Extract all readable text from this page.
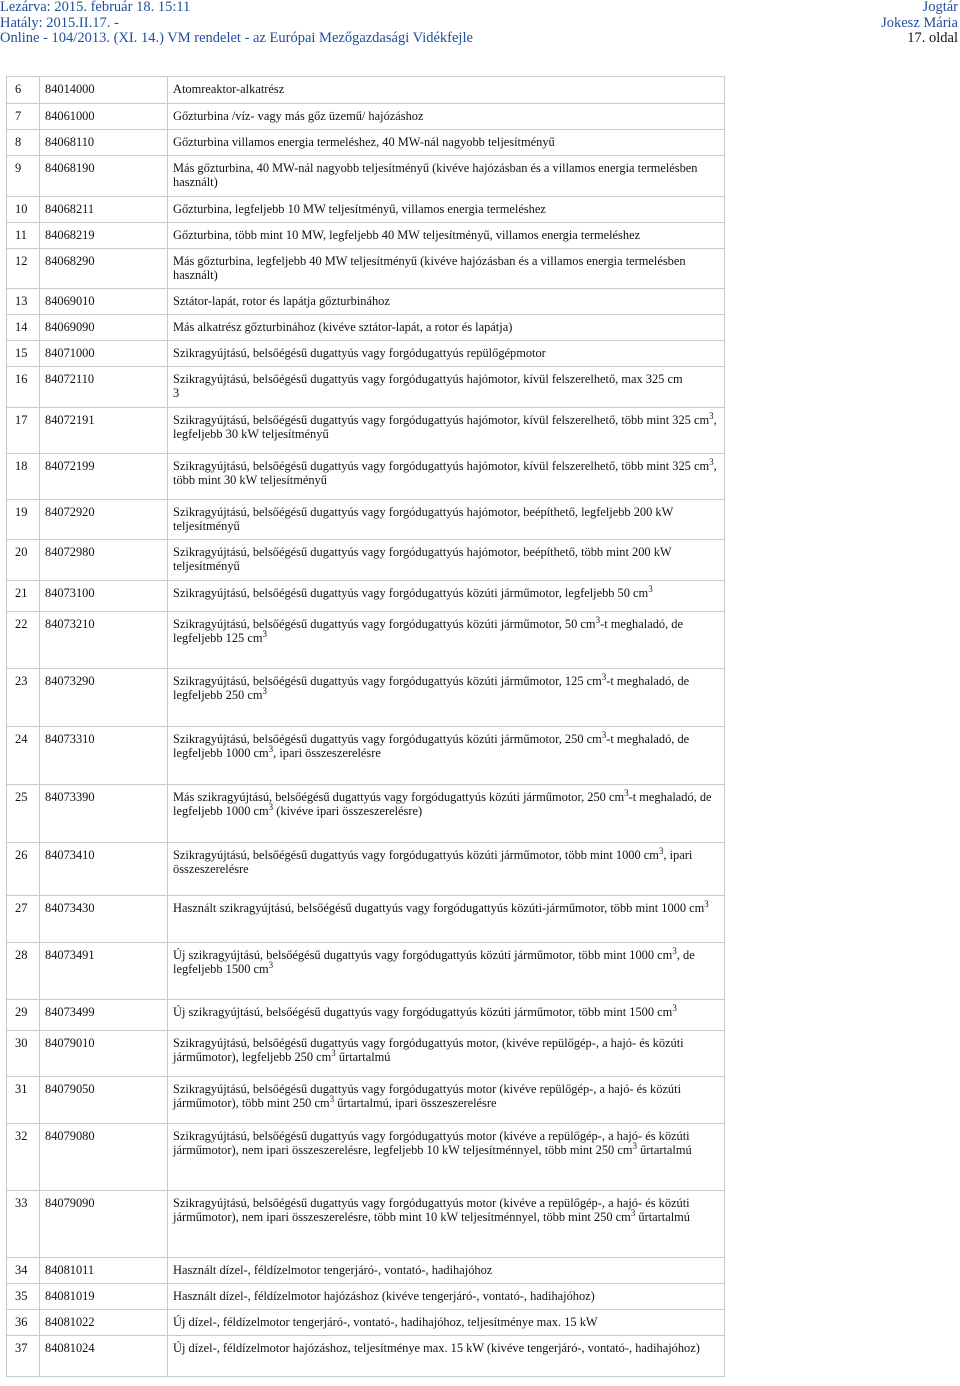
Lezárva: 2015. február 18. 15:11
Hatály: 2015.II.17. -
Online - 104/2013. (XI. 14.) VM rendelet - az Európai Mezőgazdasági Vidékfejle
Jogtár
Jokesz Mária
17. oldal
6	84014000	Atomreaktor-alkatrész
7	84061000	Gőzturbina /víz- vagy más gőz üzemű/ hajózáshoz
8	84068110	Gőzturbina villamos energia termeléshez, 40 MW-nál nagyobb teljesítményű
9	84068190	Más gőzturbina, 40 MW-nál nagyobb teljesítményű (kivéve hajózásban és a villamos energia termelésben használt)
10	84068211	Gőzturbina, legfeljebb 10 MW teljesítményű, villamos energia termeléshez
11	84068219	Gőzturbina, több mint 10 MW, legfeljebb 40 MW teljesítményű, villamos energia termeléshez
12	84068290	Más gőzturbina, legfeljebb 40 MW teljesítményű (kivéve hajózásban és a villamos energia termelésben használt)
13	84069010	Sztátor-lapát, rotor és lapátja gőzturbinához
14	84069090	Más alkatrész gőzturbinához (kivéve sztátor-lapát, a rotor és lapátja)
15	84071000	Szikragyújtású, belsőégésű dugattyús vagy forgódugattyús repülőgépmotor
16	84072110	Szikragyújtású, belsőégésű dugattyús vagy forgódugattyús hajómotor, kívül felszerelhető, max 325 cm
3
17	84072191	Szikragyújtású, belsőégésű dugattyús vagy forgódugattyús hajómotor, kívül felszerelhető, több mint 325 $cm^3$, legfeljebb 30 kW teljesítményű
18	84072199	Szikragyújtású, belsőégésű dugattyús vagy forgódugattyús hajómotor, kívül felszerelhető, több mint 325 $cm^3$, több mint 30 kW teljesítményű
19	84072920	Szikragyújtású, belsőégésű dugattyús vagy forgódugattyús hajómotor, beépíthető, legfeljebb 200 kW teljesítményű
20	84072980	Szikragyújtású, belsőégésű dugattyús vagy forgódugattyús hajómotor, beépíthető, több mint 200 kW teljesítményű
21	84073100	Szikragyújtású, belsőégésű dugattyús vagy forgódugattyús közúti járműmotor, legfeljebb 50 $cm^3$
22	84073210	Szikragyújtású, belsőégésű dugattyús vagy forgódugattyús közúti járműmotor, 50 $cm^3-t$ meghaladó, de legfeljebb 125 $cm^3$
23	84073290	Szikragyújtású, belsőégésű dugattyús vagy forgódugattyús közúti járműmotor, 125 $cm^3-t$ meghaladó, de legfeljebb 250 $cm^3$
24	84073310	Szikragyújtású, belsőégésű dugattyús vagy forgódugattyús közúti járműmotor, 250 $cm^3-t$ meghaladó, de legfeljebb 1000 $cm^3$, ipari összeszerelésre
25	84073390	Más szikragyújtású, belsőégésű dugattyús vagy forgódugattyús közúti járműmotor, 250 $cm^3-t$ meghaladó, de legfeljebb 1000 $cm^3$ (kivéve ipari összeszerelésre)
26	84073410	Szikragyújtású, belsőégésű dugattyús vagy forgódugattyús közúti járműmotor, több mint 1000 $cm^3$, ipari összeszerelésre
27	84073430	Használt szikragyújtású, belsőégésű dugattyús vagy forgódugattyús közúti-járműmotor, több mint 1000 $cm^3$
28	84073491	Új szikragyújtású, belsőégésű dugattyús vagy forgódugattyús közúti járműmotor, több mint 1000 $cm^3$, de legfeljebb 1500 $cm^3$
29	84073499	Új szikragyújtású, belsőégésű dugattyús vagy forgódugattyús közúti járműmotor, több mint 1500 $cm^3$
30	84079010	Szikragyújtású, belsőégésű dugattyús vagy forgódugattyús motor, (kivéve repülőgép-, a hajó- és közúti járműmotor), legfeljebb 250 $cm^3$ űrtartalmú
31	84079050	Szikragyújtású, belsőégésű dugattyús vagy forgódugattyús motor (kivéve repülőgép-, a hajó- és közúti járműmotor), több mint 250 $cm^3$ űrtartalmú, ipari összeszerelésre
32	84079080	Szikragyújtású, belsőégésű dugattyús vagy forgódugattyús motor (kivéve a repülőgép-, a hajó- és közúti járműmotor), nem ipari összeszerelésre, legfeljebb 10 kW teljesítménnyel, több mint 250 $cm^3$ űrtartalmú
33	84079090	Szikragyújtású, belsőégésű dugattyús vagy forgódugattyús motor (kivéve a repülőgép-, a hajó- és közúti járműmotor), nem ipari összeszerelésre, több mint 10 kW teljesítménnyel, több mint 250 $cm^3$ űrtartalmú
34	84081011	Használt dízel-, féldízelmotor tengerjáró-, vontató-, hadihajóhoz
35	84081019	Használt dízel-, féldízelmotor hajózáshoz (kivéve tengerjáró-, vontató-, hadihajóhoz)
36	84081022	Új dízel-, féldízelmotor tengerjáró-, vontató-, hadihajóhoz, teljesítménye max. 15 kW
37	84081024	Új dízel-, féldízelmotor hajózáshoz, teljesítménye max. 15 kW (kivéve tengerjáró-, vontató-, hadihajóhoz)
